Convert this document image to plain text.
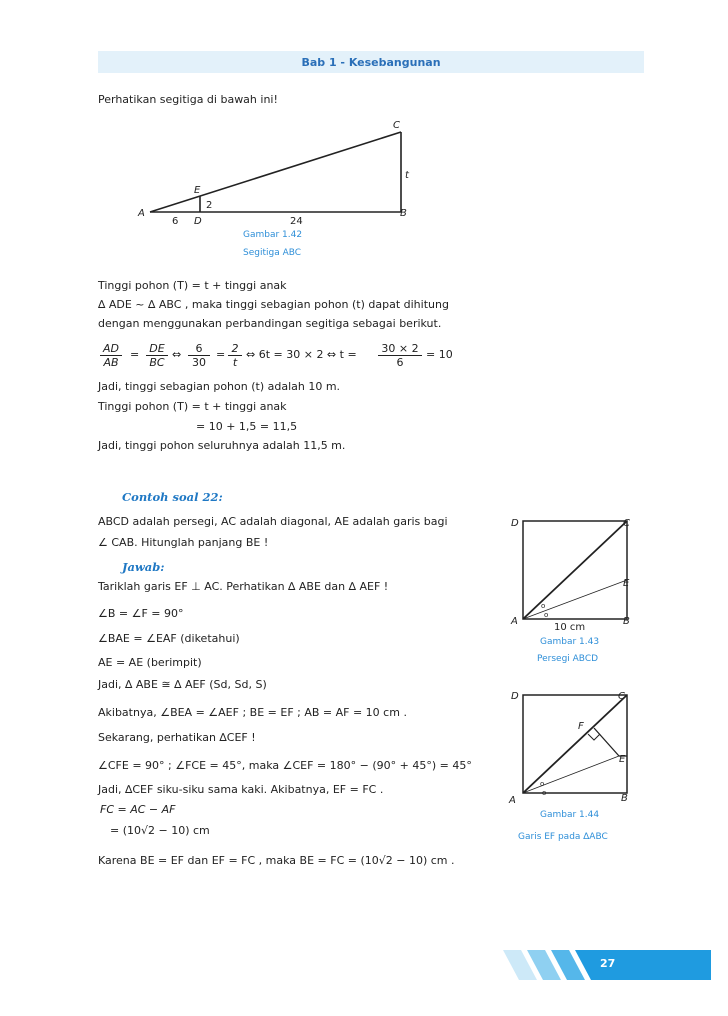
Bab 1 - Kesebangunan
Perhatikan segitiga di bawah ini!
C
t
E
2
A
6 D	24
B
Gambar 1.42
Segitiga ABC
Tinggi pohon (T) = t + tinggi anak
∆ ADE ~ ∆ ABC , maka tinggi sebagian pohon (t) dapat dihitung
dengan menggunakan perbandingan segitiga sebagai berikut.
$\frac{AD}{AB} = \frac{DE}{BC}$ ⇔ $\frac{6}{30} = \frac{2}{t}$ ⇔ 6t = 30 × 2 ⇔ $t = \frac{30 \times 2}{6} = 10$
Jadi, tinggi sebagian pohon (t) adalah 10 m.
Tinggi pohon (T) = t + tinggi anak
= 10 + 1,5 = 11,5
Jadi, tinggi pohon seluruhnya adalah 11,5 m.
Contoh soal 22:
ABCD adalah persegi, AC adalah diagonal, AE adalah garis bagi
∠ CAB. Hitunglah panjang BE !
Jawab:
Tariklah garis EF ⊥ AC. Perhatikan ∆ ABE dan ∆ AEF !
∠B = ∠F = 90°
∠BAE = ∠EAF (diketahui)
AE = AE (berimpit)
Jadi, ∆ ABE ≅ ∆ AEF (Sd, Sd, S)
Akibatnya, ∠BEA = ∠AEF ; BE = EF ; AB = AF = 10 cm .
Sekarang, perhatikan ∆CEF !
∠CFE = 90° ; ∠FCE = 45°, maka ∠CEF = 180° − (90° + 45°) = 45°
Jadi, ∆CEF siku-siku sama kaki. Akibatnya, EF = FC .
FC = AC − AF
= (10√2 − 10) cm
Karena BE = EF dan EF = FC , maka BE = FC = (10√2 − 10) cm .
D	C
E
A	B
o
o
10 cm
Gambar 1.43
Persegi ABCD
D	C
F
E
A	B
o
o
Gambar 1.44
Garis EF pada ∆ABC
27
